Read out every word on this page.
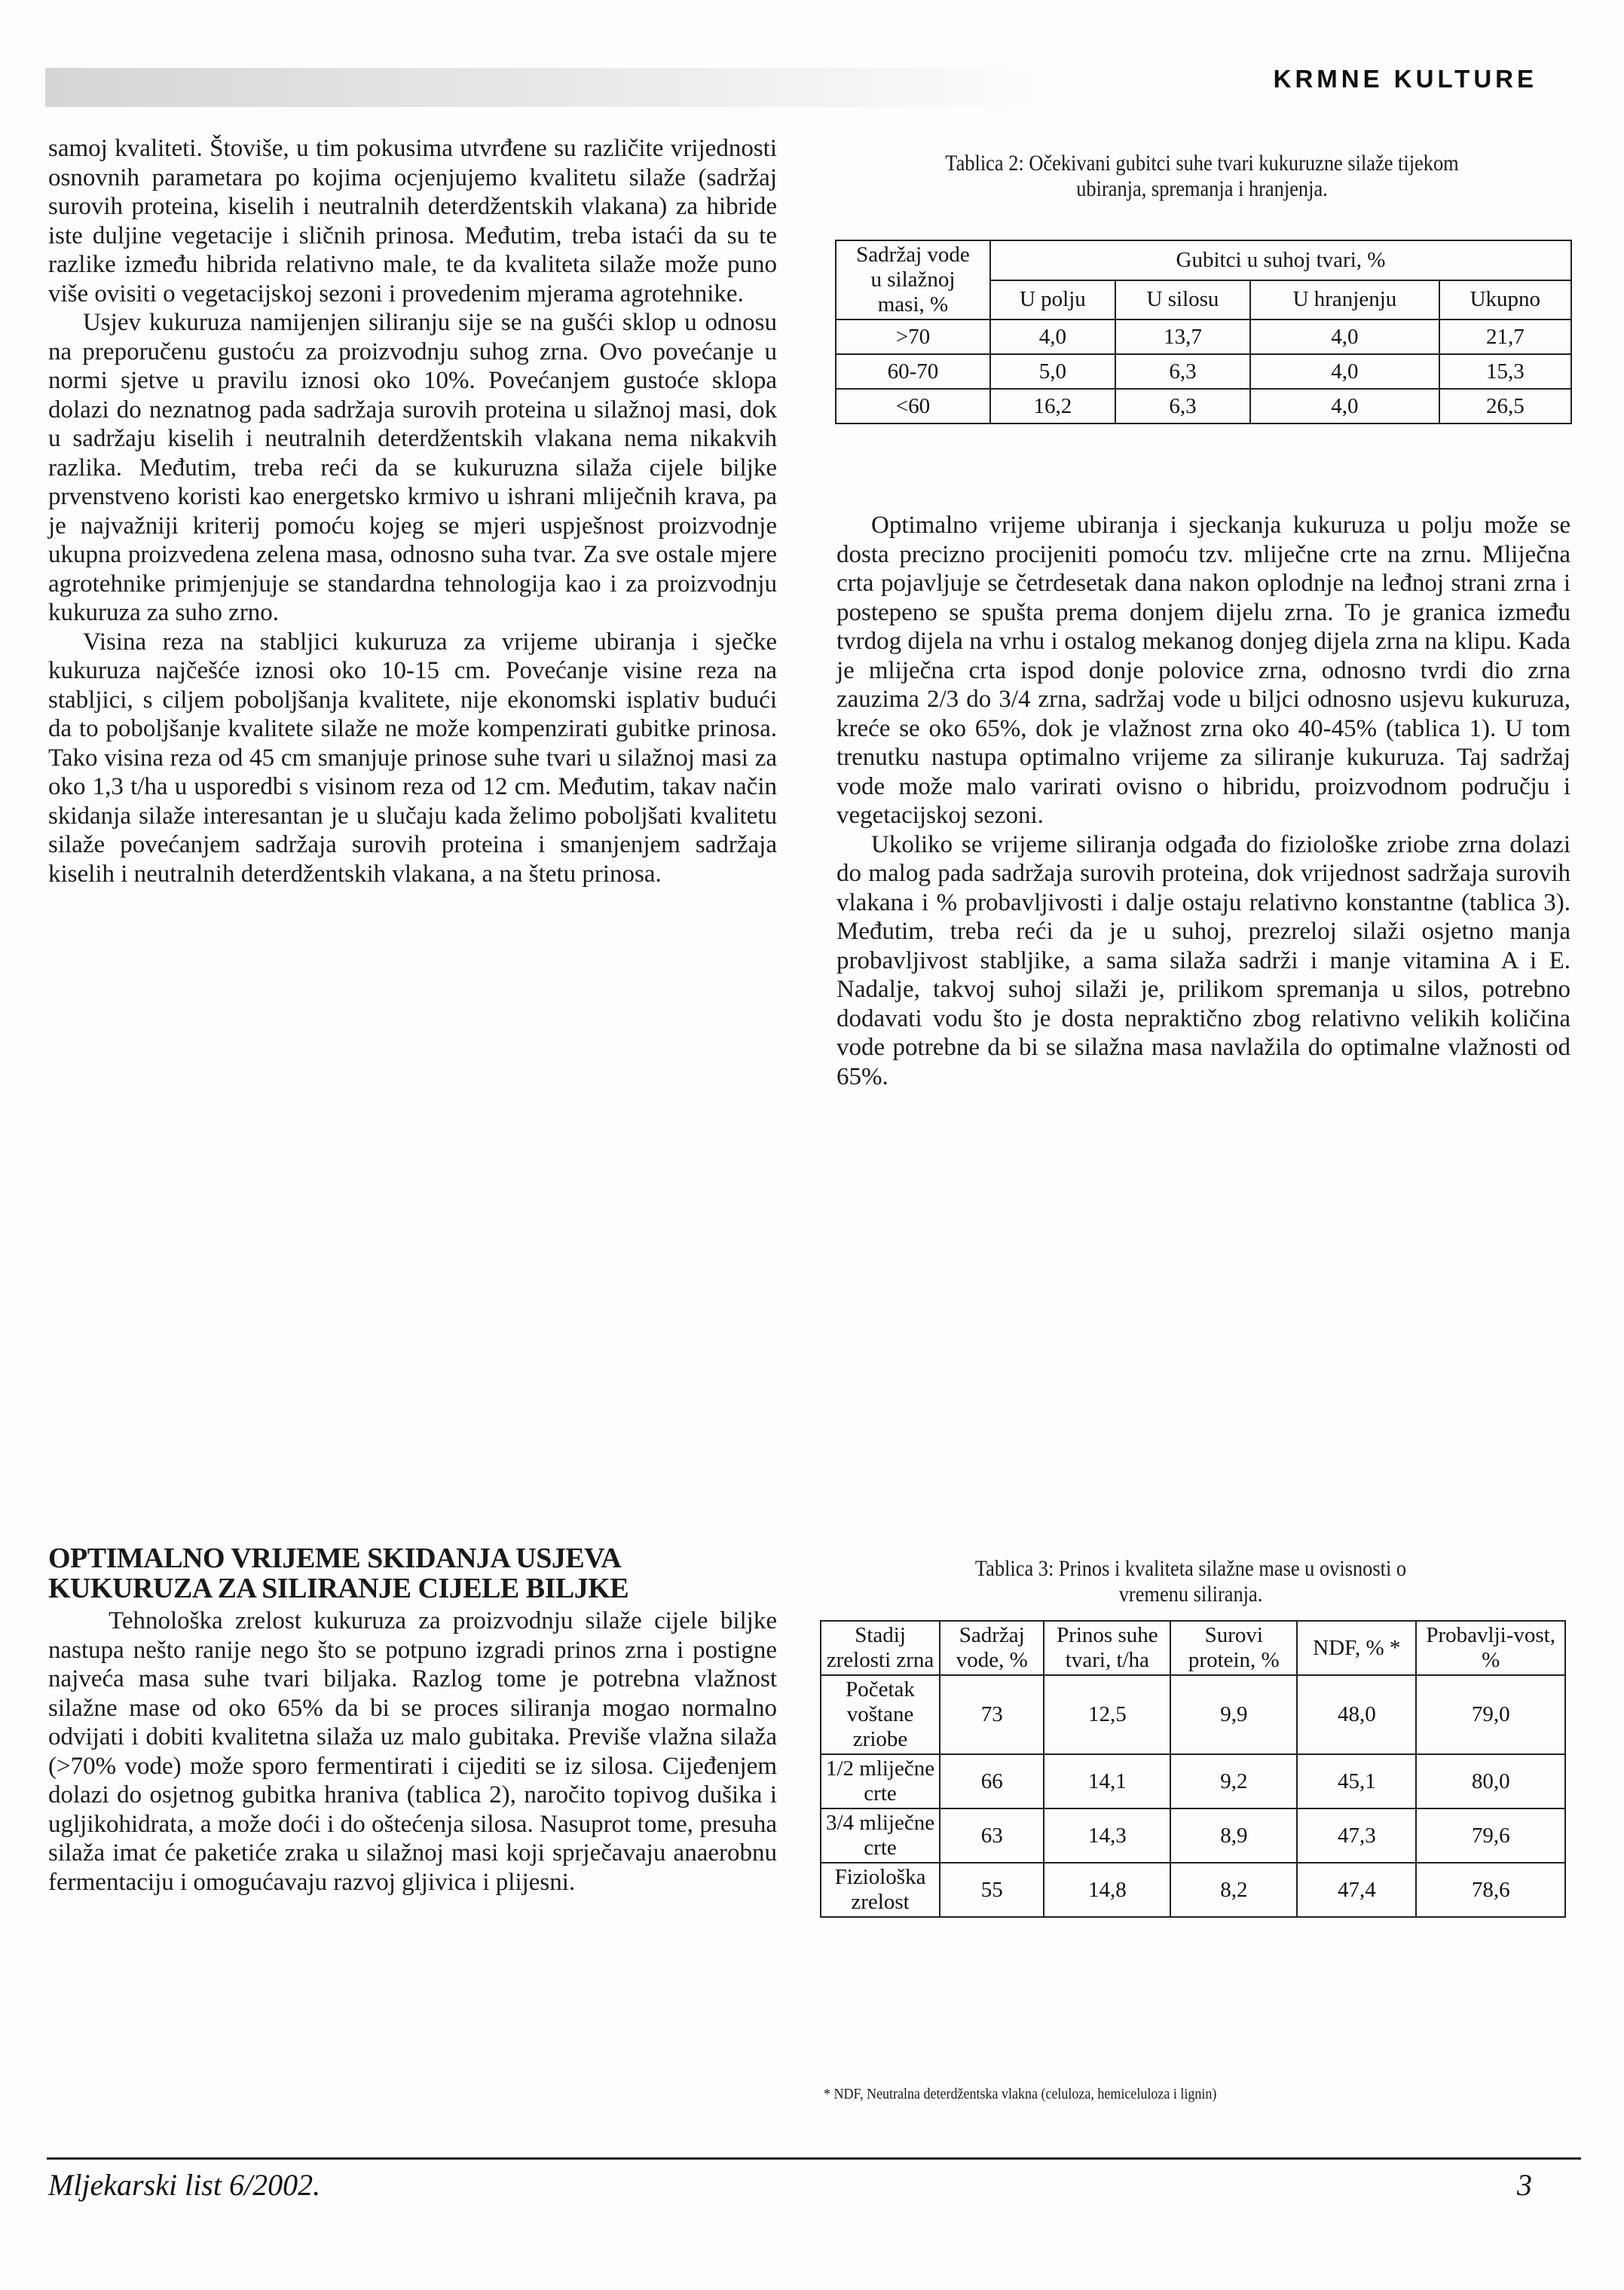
KRMNE KULTURE

samoj kvaliteti. Štoviše, u tim pokusima utvrđene su različite vrijednosti osnovnih parametara po kojima ocjenjujemo kvalitetu silaže (sadržaj surovih proteina, kiselih i neutralnih deterdžentskih vlakana) za hibride iste duljine vegetacije i sličnih prinosa. Međutim, treba istaći da su te razlike između hibrida relativno male, te da kvaliteta silaže može puno više ovisiti o vegetacijskoj sezoni i provedenim mjerama agrotehnike.

Usjev kukuruza namijenjen siliranju sije se na gušći sklop u odnosu na preporučenu gustoću za proizvodnju suhog zrna. Ovo povećanje u normi sjetve u pravilu iznosi oko 10%. Povećanjem gustoće sklopa dolazi do neznatnog pada sadržaja surovih proteina u silažnoj masi, dok u sadržaju kiselih i neutralnih deterdžentskih vlakana nema nikakvih razlika. Međutim, treba reći da se kukuruzna silaža cijele biljke prvenstveno koristi kao energetsko krmivo u ishrani mliječnih krava, pa je najvažniji kriterij pomoću kojeg se mjeri uspješnost proizvodnje ukupna proizvedena zelena masa, odnosno suha tvar. Za sve ostale mjere agrotehnike primjenjuje se standardna tehnologija kao i za proizvodnju kukuruza za suho zrno.

Visina reza na stabljici kukuruza za vrijeme ubiranja i sječke kukuruza najčešće iznosi oko 10-15 cm. Povećanje visine reza na stabljici, s ciljem poboljšanja kvalitete, nije ekonomski isplativ budući da to poboljšanje kvalitete silaže ne može kompenzirati gubitke prinosa. Tako visina reza od 45 cm smanjuje prinose suhe tvari u silažnoj masi za oko 1,3 t/ha u usporedbi s visinom reza od 12 cm. Međutim, takav način skidanja silaže interesantan je u slučaju kada želimo poboljšati kvalitetu silaže povećanjem sadržaja surovih proteina i smanjenjem sadržaja kiselih i neutralnih deterdžentskih vlakana, a na štetu prinosa.

OPTIMALNO VRIJEME SKIDANJA USJEVA
KUKURUZA ZA SILIRANJE CIJELE BILJKE

Tehnološka zrelost kukuruza za proizvodnju silaže cijele biljke nastupa nešto ranije nego što se potpuno izgradi prinos zrna i postigne najveća masa suhe tvari biljaka. Razlog tome je potrebna vlažnost silažne mase od oko 65% da bi se proces siliranja mogao normalno odvijati i dobiti kvalitetna silaža uz malo gubitaka. Previše vlažna silaža (>70% vode) može sporo fermentirati i cijediti se iz silosa. Cijeđenjem dolazi do osjetnog gubitka hraniva (tablica 2), naročito topivog dušika i ugljikohidrata, a može doći i do oštećenja silosa. Nasuprot tome, presuha silaža imat će paketiće zraka u silažnoj masi koji sprječavaju anaerobnu fermentaciju i omogućavaju razvoj gljivica i plijesni.

Tablica 2: Očekivani gubitci suhe tvari kukuruzne silaže tijekom
ubiranja, spremanja i hranjenja.
Sadržaj vode
u silažnoj
masi, %	Gubitci u suhoj tvari, %			
	U polju	U silosu	U hranjenju	Ukupno
>70	4,0	13,7	4,0	21,7
60-70	5,0	6,3	4,0	15,3
<60	16,2	6,3	4,0	26,5

Optimalno vrijeme ubiranja i sjeckanja kukuruza u polju može se dosta precizno procijeniti pomoću tzv. mliječne crte na zrnu. Mliječna crta pojavljuje se četrdesetak dana nakon oplodnje na leđnoj strani zrna i postepeno se spušta prema donjem dijelu zrna. To je granica između tvrdog dijela na vrhu i ostalog mekanog donjeg dijela zrna na klipu. Kada je mliječna crta ispod donje polovice zrna, odnosno tvrdi dio zrna zauzima 2/3 do 3/4 zrna, sadržaj vode u biljci odnosno usjevu kukuruza, kreće se oko 65%, dok je vlažnost zrna oko 40-45% (tablica 1). U tom trenutku nastupa optimalno vrijeme za siliranje kukuruza. Taj sadržaj vode može malo varirati ovisno o hibridu, proizvodnom području i vegetacijskoj sezoni.

Ukoliko se vrijeme siliranja odgađa do fiziološke zriobe zrna dolazi do malog pada sadržaja surovih proteina, dok vrijednost sadržaja surovih vlakana i % probavljivosti i dalje ostaju relativno konstantne (tablica 3). Međutim, treba reći da je u suhoj, prezreloj silaži osjetno manja probavljivost stabljike, a sama silaža sadrži i manje vitamina A i E. Nadalje, takvoj suhoj silaži je, prilikom spremanja u silos, potrebno dodavati vodu što je dosta nepraktično zbog relativno velikih količina vode potrebne da bi se silažna masa navlažila do optimalne vlažnosti od 65%.

Tablica 3: Prinos i kvaliteta silažne mase u ovisnosti o
vremenu siliranja.
Stadij zrelosti zrna	Sadržaj vode, %	Prinos suhe tvari, t/ha	Surovi protein, %	NDF, % *	Probavlji-vost, %
Početak voštane zriobe	73	12,5	9,9	48,0	79,0
1/2 mliječne crte	66	14,1	9,2	45,1	80,0
3/4 mliječne crte	63	14,3	8,9	47,3	79,6
Fiziološka zrelost	55	14,8	8,2	47,4	78,6
* NDF, Neutralna deterdžentska vlakna (celuloza, hemiceluloza i lignin)
Mljekarski list 6/2002.	3
